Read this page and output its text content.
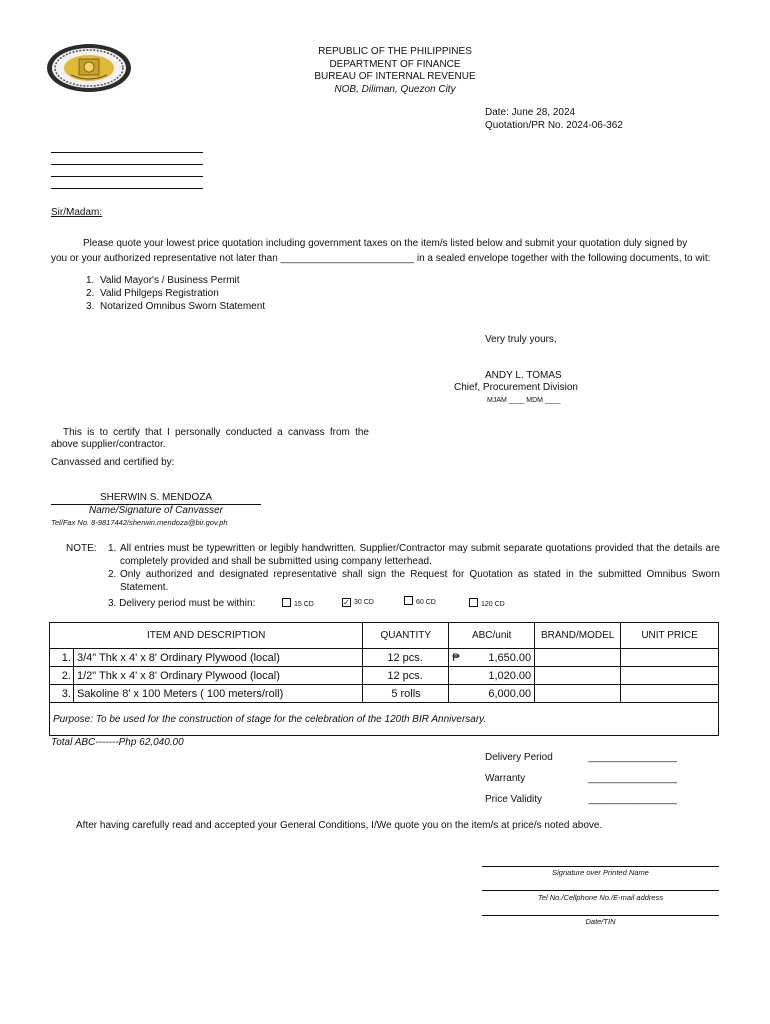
REPUBLIC OF THE PHILIPPINES
DEPARTMENT OF FINANCE
BUREAU OF INTERNAL REVENUE
NOB, Diliman, Quezon City
Date: June 28, 2024
Quotation/PR No. 2024-06-362
Sir/Madam:
Please quote your lowest price quotation including government taxes on the item/s listed below and submit your quotation duly signed by
you or your authorized representative not later than ________________________ in a sealed envelope together with the following documents, to wit:
1. Valid Mayor's / Business Permit
2. Valid Philgeps Registration
3. Notarized Omnibus Sworn Statement
Very truly yours,
ANDY L. TOMAS
Chief, Procurement Division
MJAM ____ MDM ____
This is to certify that I personally conducted a canvass from the
above supplier/contractor.
Canvassed and certified by:
SHERWIN S. MENDOZA
Name/Signature of Canvasser
Tel/Fax No. 8-9817442/sherwin.mendoza@bir.gov.ph
NOTE: 1. All entries must be typewritten or legibly handwritten. Supplier/Contractor may submit separate quotations provided that the details are completely provided and shall be submitted using company letterhead.
2. Only authorized and designated representative shall sign the Request for Quotation as stated in the submitted Omnibus Sworn Statement.
3. Delivery period must be within:	15 CD	✓ 30 CD	60 CD	120 CD
ITEM AND DESCRIPTION		QUANTITY	ABC/unit	BRAND/MODEL	UNIT PRICE
1.	3/4" Thk x 4' x 8' Ordinary Plywood (local)	12 pcs.	₱ 1,650.00		
2.	1/2" Thk x 4' x 8' Ordinary Plywood (local)	12 pcs.	1,020.00		
3.	Sakoline 8' x 100 Meters ( 100 meters/roll)	5 rolls	6,000.00		
Purpose: To be used for the construction of stage for the celebration of the 120th BIR Anniversary.					
Total ABC-------Php 62,040.00
Delivery Period	________________
Warranty	________________
Price Validity	________________
After having carefully read and accepted your General Conditions, I/We quote you on the item/s at price/s noted above.
Signature over Printed Name
Tel No./Cellphone No./E-mail address
Date/TIN
